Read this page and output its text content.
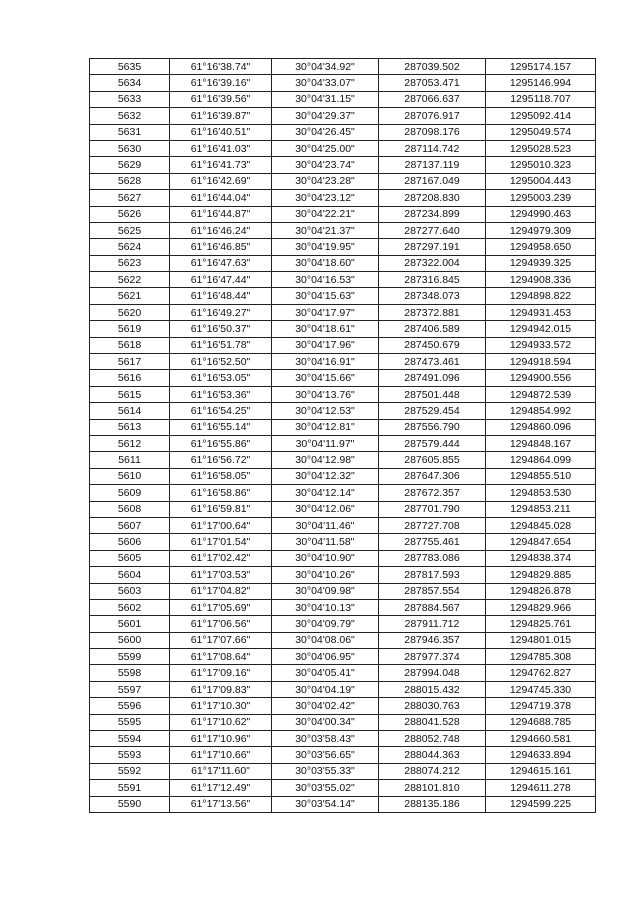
5635	61°16'38.74"	30°04'34.92"	287039.502	1295174.157
5634	61°16'39.16"	30°04'33.07"	287053.471	1295146.994
5633	61°16'39.56"	30°04'31.15"	287066.637	1295118.707
5632	61°16'39.87"	30°04'29.37"	287076.917	1295092.414
5631	61°16'40.51"	30°04'26.45"	287098.176	1295049.574
5630	61°16'41.03"	30°04'25.00"	287114.742	1295028.523
5629	61°16'41.73"	30°04'23.74"	287137.119	1295010.323
5628	61°16'42.69"	30°04'23.28"	287167.049	1295004.443
5627	61°16'44.04"	30°04'23.12"	287208.830	1295003.239
5626	61°16'44.87"	30°04'22.21"	287234.899	1294990.463
5625	61°16'46.24"	30°04'21.37"	287277.640	1294979.309
5624	61°16'46.85"	30°04'19.95"	287297.191	1294958.650
5623	61°16'47.63"	30°04'18.60"	287322.004	1294939.325
5622	61°16'47.44"	30°04'16.53"	287316.845	1294908.336
5621	61°16'48.44"	30°04'15.63"	287348.073	1294898.822
5620	61°16'49.27"	30°04'17.97"	287372.881	1294931.453
5619	61°16'50.37"	30°04'18.61"	287406.589	1294942.015
5618	61°16'51.78"	30°04'17.96"	287450.679	1294933.572
5617	61°16'52.50"	30°04'16.91"	287473.461	1294918.594
5616	61°16'53.05"	30°04'15.66"	287491.096	1294900.556
5615	61°16'53.36"	30°04'13.76"	287501.448	1294872.539
5614	61°16'54.25"	30°04'12.53"	287529.454	1294854.992
5613	61°16'55.14"	30°04'12.81"	287556.790	1294860.096
5612	61°16'55.86"	30°04'11.97"	287579.444	1294848.167
5611	61°16'56.72"	30°04'12.98"	287605.855	1294864.099
5610	61°16'58.05"	30°04'12.32"	287647.306	1294855.510
5609	61°16'58.86"	30°04'12.14"	287672.357	1294853.530
5608	61°16'59.81"	30°04'12.06"	287701.790	1294853.211
5607	61°17'00.64"	30°04'11.46"	287727.708	1294845.028
5606	61°17'01.54"	30°04'11.58"	287755.461	1294847.654
5605	61°17'02.42"	30°04'10.90"	287783.086	1294838.374
5604	61°17'03.53"	30°04'10.26"	287817.593	1294829.885
5603	61°17'04.82"	30°04'09.98"	287857.554	1294826.878
5602	61°17'05.69"	30°04'10.13"	287884.567	1294829.966
5601	61°17'06.56"	30°04'09.79"	287911.712	1294825.761
5600	61°17'07.66"	30°04'08.06"	287946.357	1294801.015
5599	61°17'08.64"	30°04'06.95"	287977.374	1294785.308
5598	61°17'09.16"	30°04'05.41"	287994.048	1294762.827
5597	61°17'09.83"	30°04'04.19"	288015.432	1294745.330
5596	61°17'10.30"	30°04'02.42"	288030.763	1294719.378
5595	61°17'10.62"	30°04'00.34"	288041.528	1294688.785
5594	61°17'10.96"	30°03'58.43"	288052.748	1294660.581
5593	61°17'10.66"	30°03'56.65"	288044.363	1294633.894
5592	61°17'11.60"	30°03'55.33"	288074.212	1294615.161
5591	61°17'12.49"	30°03'55.02"	288101.810	1294611.278
5590	61°17'13.56"	30°03'54.14"	288135.186	1294599.225
